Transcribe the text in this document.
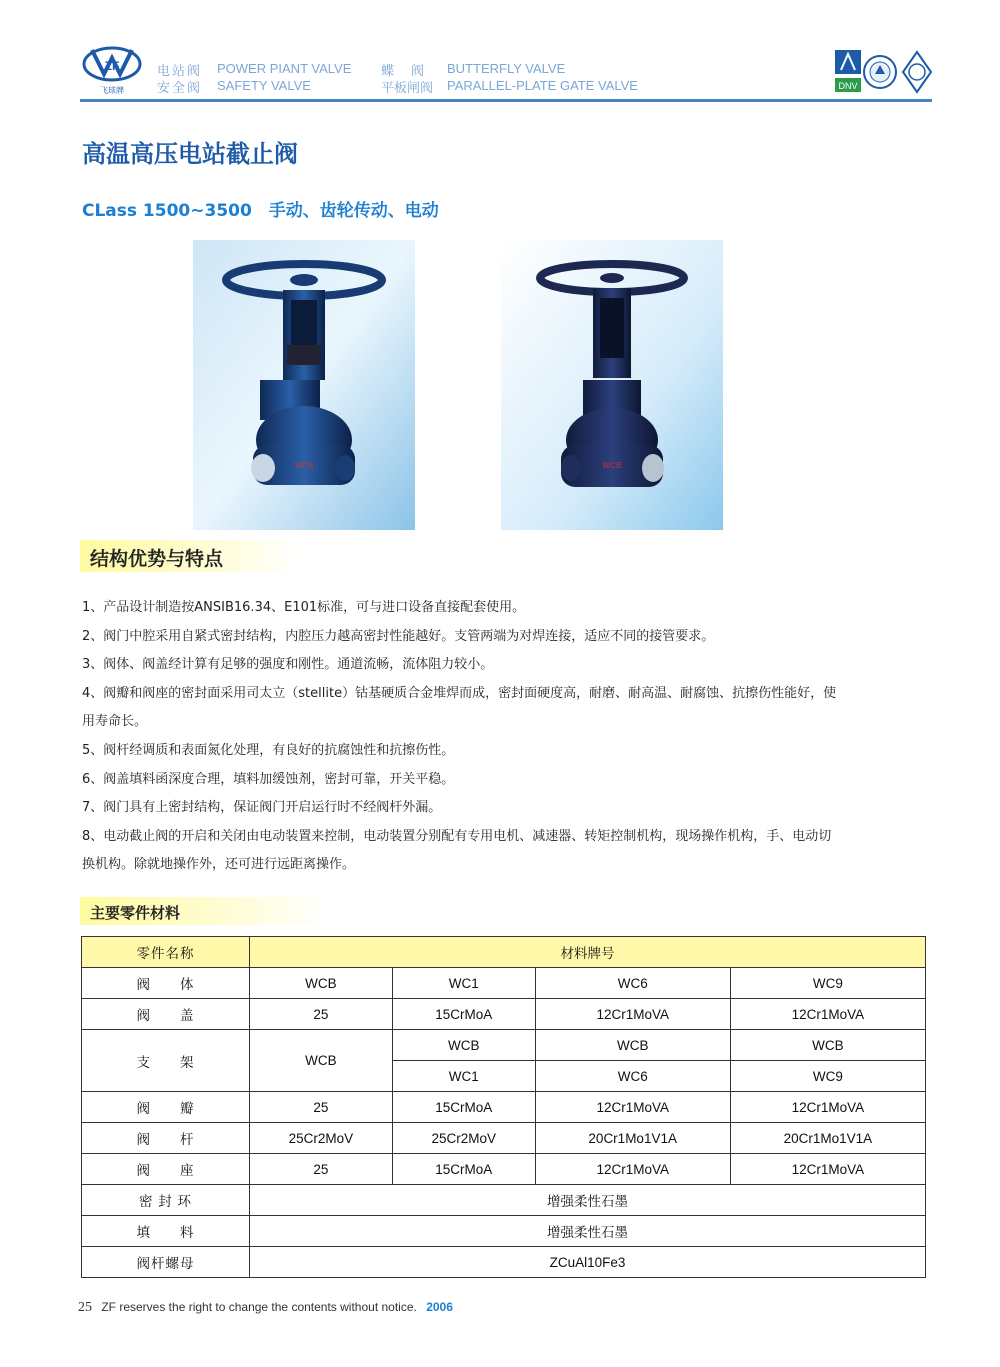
ZF
飞球牌
电站阀 POWER PIANT VALVE
安全阀 SAFETY VALVE
蝶　阀 BUTTERFLY VALVE
平板闸阀 PARALLEL-PLATE GATE VALVE	DNV
高温高压电站截止阀
CLass 1500~3500　手动、齿轮传动、电动
WCB	WCB
结构优势与特点

1、产品设计制造按ANSIB16.34、E101标准，可与进口设备直接配套使用。

2、阀门中腔采用自紧式密封结构，内腔压力越高密封性能越好。支管两端为对焊连接，适应不同的接管要求。

3、阀体、阀盖经计算有足够的强度和刚性。通道流畅，流体阻力较小。

4、阀瓣和阀座的密封面采用司太立（stellite）钴基硬质合金堆焊而成，密封面硬度高，耐磨、耐高温、耐腐蚀、抗擦伤性能好，使用寿命长。

5、阀杆经调质和表面氮化处理，有良好的抗腐蚀性和抗擦伤性。

6、阀盖填料函深度合理，填料加缓蚀剂，密封可靠，开关平稳。

7、阀门具有上密封结构，保证阀门开启运行时不经阀杆外漏。

8、电动截止阀的开启和关闭由电动装置来控制，电动装置分别配有专用电机、减速器、转矩控制机构，现场操作机构，手、电动切换机构。除就地操作外，还可进行远距离操作。

主要零件材料
零件名称	材料牌号			
阀　　体	WCB	WC1	WC6	WC9
阀　　盖	25	15CrMoA	12Cr1MoVA	12Cr1MoVA
支　　架	WCB	WCB	WCB	WCB
		WC1	WC6	WC9
阀　　瓣	25	15CrMoA	12Cr1MoVA	12Cr1MoVA
阀　　杆	25Cr2MoV	25Cr2MoV	20Cr1Mo1V1A	20Cr1Mo1V1A
阀　　座	25	15CrMoA	12Cr1MoVA	12Cr1MoVA
密 封 环	增强柔性石墨			
填　　料	增强柔性石墨			
阀杆螺母	ZCuAl10Fe3			
25 ZF reserves the right to change the contents without notice. 2006
